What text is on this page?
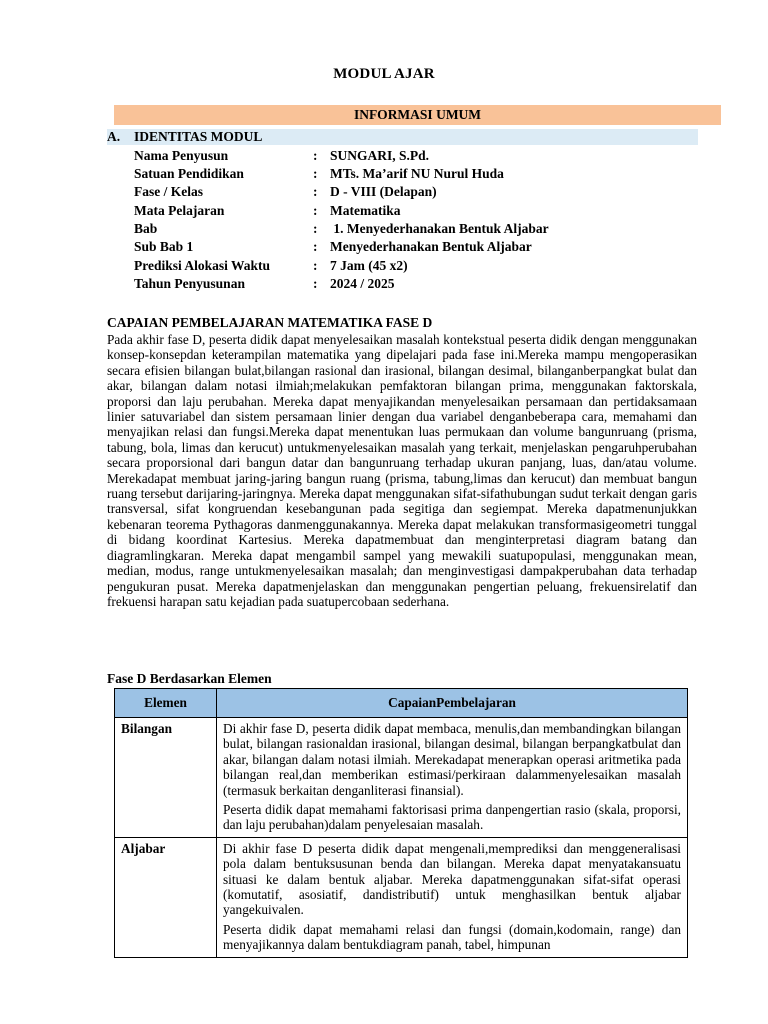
MODUL AJAR
INFORMASI UMUM
A. IDENTITAS MODUL
Nama Penyusun	: SUNGARI, S.Pd.
Satuan Pendidikan	: MTs. Ma’arif NU Nurul Huda
Fase / Kelas	: D - VIII (Delapan)
Mata Pelajaran	: Matematika
Bab	: 1. Menyederhanakan Bentuk Aljabar
Sub Bab 1	: Menyederhanakan Bentuk Aljabar
Prediksi Alokasi Waktu	: 7 Jam (45 x2)
Tahun Penyusunan	: 2024 / 2025
CAPAIAN PEMBELAJARAN MATEMATIKA FASE D
Pada akhir fase D, peserta didik dapat menyelesaikan masalah kontekstual peserta didik dengan menggunakan konsep-konsepdan keterampilan matematika yang dipelajari pada fase ini.Mereka mampu mengoperasikan secara efisien bilangan bulat,bilangan rasional dan irasional, bilangan desimal, bilanganberpangkat bulat dan akar, bilangan dalam notasi ilmiah;melakukan pemfaktoran bilangan prima, menggunakan faktorskala, proporsi dan laju perubahan. Mereka dapat menyajikandan menyelesaikan persamaan dan pertidaksamaan linier satuvariabel dan sistem persamaan linier dengan dua variabel denganbeberapa cara, memahami dan menyajikan relasi dan fungsi.Mereka dapat menentukan luas permukaan dan volume bangunruang (prisma, tabung, bola, limas dan kerucut) untukmenyelesaikan masalah yang terkait, menjelaskan pengaruhperubahan secara proporsional dari bangun datar dan bangunruang terhadap ukuran panjang, luas, dan/atau volume. Merekadapat membuat jaring-jaring bangun ruang (prisma, tabung,limas dan kerucut) dan membuat bangun ruang tersebut darijaring-jaringnya. Mereka dapat menggunakan sifat-sifathubungan sudut terkait dengan garis transversal, sifat kongruendan kesebangunan pada segitiga dan segiempat. Mereka dapatmenunjukkan kebenaran teorema Pythagoras danmenggunakannya. Mereka dapat melakukan transformasigeometri tunggal di bidang koordinat Kartesius. Mereka dapatmembuat dan menginterpretasi diagram batang dan diagramlingkaran. Mereka dapat mengambil sampel yang mewakili suatupopulasi, menggunakan mean, median, modus, range untukmenyelesaikan masalah; dan menginvestigasi dampakperubahan data terhadap pengukuran pusat. Mereka dapatmenjelaskan dan menggunakan pengertian peluang, frekuensirelatif dan frekuensi harapan satu kejadian pada suatupercobaan sederhana.
Fase D Berdasarkan Elemen
Elemen	CapaianPembelajaran
Bilangan	Di akhir fase D, peserta didik dapat membaca, menulis,dan membandingkan bilangan bulat, bilangan rasionaldan irasional, bilangan desimal, bilangan berpangkatbulat dan akar, bilangan dalam notasi ilmiah. Merekadapat menerapkan operasi aritmetika pada bilangan real,dan memberikan estimasi/perkiraan dalammenyelesaikan masalah (termasuk berkaitan denganliterasi finansial).

Peserta didik dapat memahami faktorisasi prima danpengertian rasio (skala, proporsi, dan laju perubahan)dalam penyelesaian masalah.

Aljabar	Di akhir fase D peserta didik dapat mengenali,memprediksi dan menggeneralisasi pola dalam bentuksusunan benda dan bilangan. Mereka dapat menyatakansuatu situasi ke dalam bentuk aljabar. Mereka dapatmenggunakan sifat-sifat operasi (komutatif, asosiatif, dandistributif) untuk menghasilkan bentuk aljabar yangekuivalen.

Peserta didik dapat memahami relasi dan fungsi (domain,kodomain, range) dan menyajikannya dalam bentukdiagram panah, tabel, himpunan
